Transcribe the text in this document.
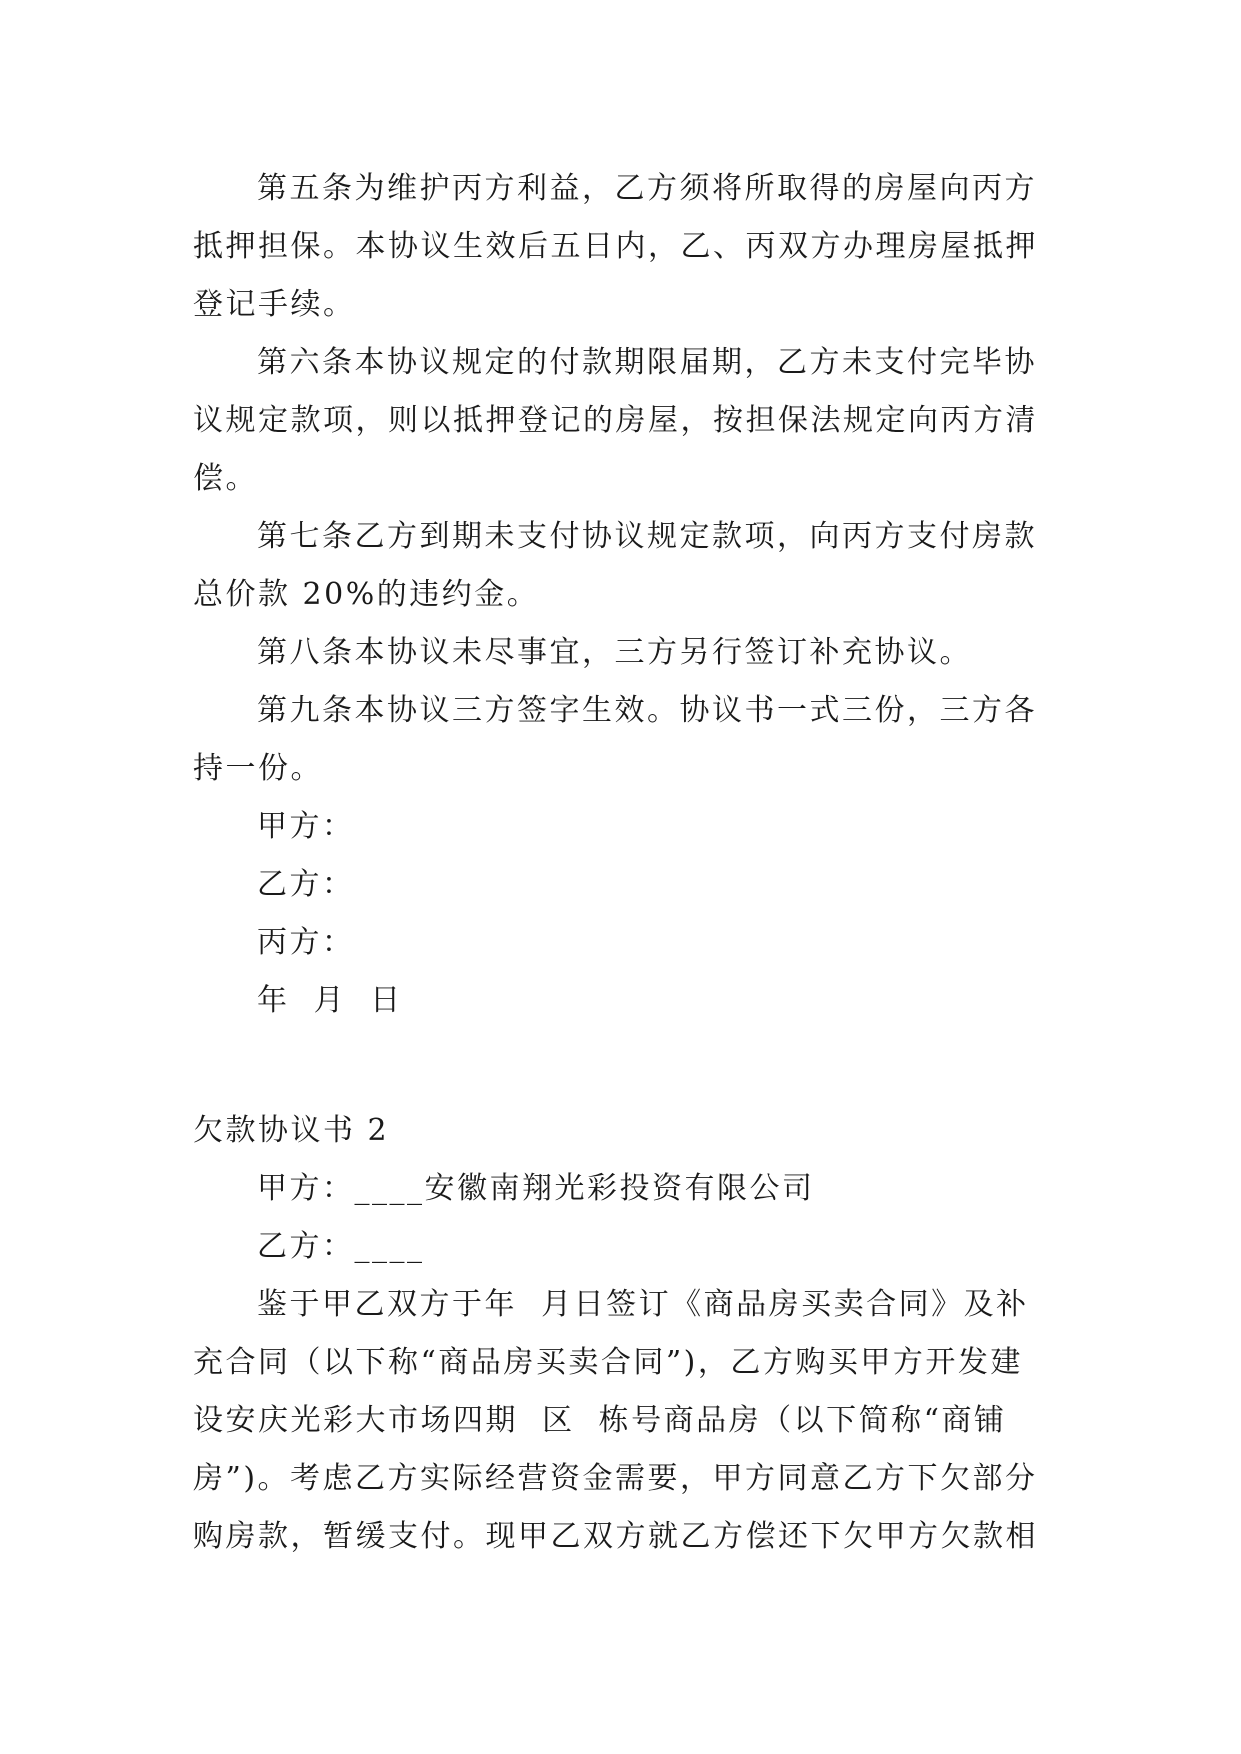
第五条为维护丙方利益，乙方须将所取得的房屋向丙方
抵押担保。本协议生效后五日内，乙、丙双方办理房屋抵押
登记手续。
第六条本协议规定的付款期限届期，乙方未支付完毕协
议规定款项，则以抵押登记的房屋，按担保法规定向丙方清
偿。
第七条乙方到期未支付协议规定款项，向丙方支付房款
总价款 20%的违约金。
第八条本协议未尽事宜，三方另行签订补充协议。
第九条本协议三方签字生效。协议书一式三份，三方各
持一份。
甲方：
乙方：
丙方：
年  月  日
欠款协议书 2
甲方：____安徽南翔光彩投资有限公司
乙方：____
鉴于甲乙双方于年  月日签订《商品房买卖合同》及补
充合同（以下称“商品房买卖合同”)，乙方购买甲方开发建
设安庆光彩大市场四期  区  栋号商品房（以下简称“商铺
房”)。考虑乙方实际经营资金需要，甲方同意乙方下欠部分
购房款，暂缓支付。现甲乙双方就乙方偿还下欠甲方欠款相
